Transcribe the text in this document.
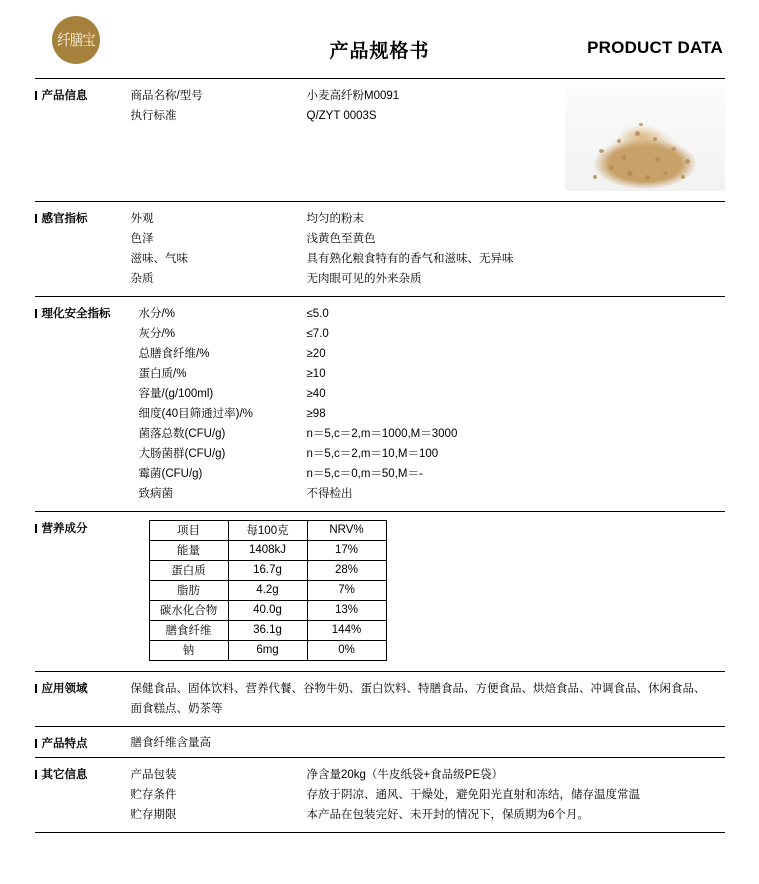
纤膳宝
产品规格书	PRODUCT DATA
产品信息	商品名称/型号	小麦高纤粉M0091
执行标准	Q/ZYT 0003S
感官指标	外观	均匀的粉末
色泽	浅黄色至黄色
滋味、气味	具有熟化粮食特有的香气和滋味、无异味
杂质	无肉眼可见的外来杂质
理化安全指标 水分/%	≤5.0
灰分/%	≤7.0
总膳食纤维/%	≥20
蛋白质/%	≥10
容量/(g/100ml)	≥40
细度(40目筛通过率)/%	≥98
菌落总数(CFU/g)	n＝5,c＝2,m＝1000,M＝3000
大肠菌群(CFU/g)	n＝5,c＝2,m＝10,M＝100
霉菌(CFU/g)	n＝5,c＝0,m＝50,M＝-
致病菌	不得检出
营养成分	项目	每100克	NRV%
能量	1408kJ	17%
蛋白质	16.7g	28%
脂肪	4.2g	7%
碳水化合物	40.0g	13%
膳食纤维	36.1g	144%
钠	6mg	0%
应用领域	保健食品、固体饮料、营养代餐、谷物牛奶、蛋白饮料、特膳食品、方便食品、烘焙食品、冲调食品、休闲食品、面食糕点、奶茶等
产品特点	膳食纤维含量高
其它信息	产品包装	净含量20kg（牛皮纸袋+食品级PE袋）
贮存条件	存放于阴凉、通风、干燥处，避免阳光直射和冻结，储存温度常温
贮存期限	本产品在包装完好、未开封的情况下，保质期为6个月。
